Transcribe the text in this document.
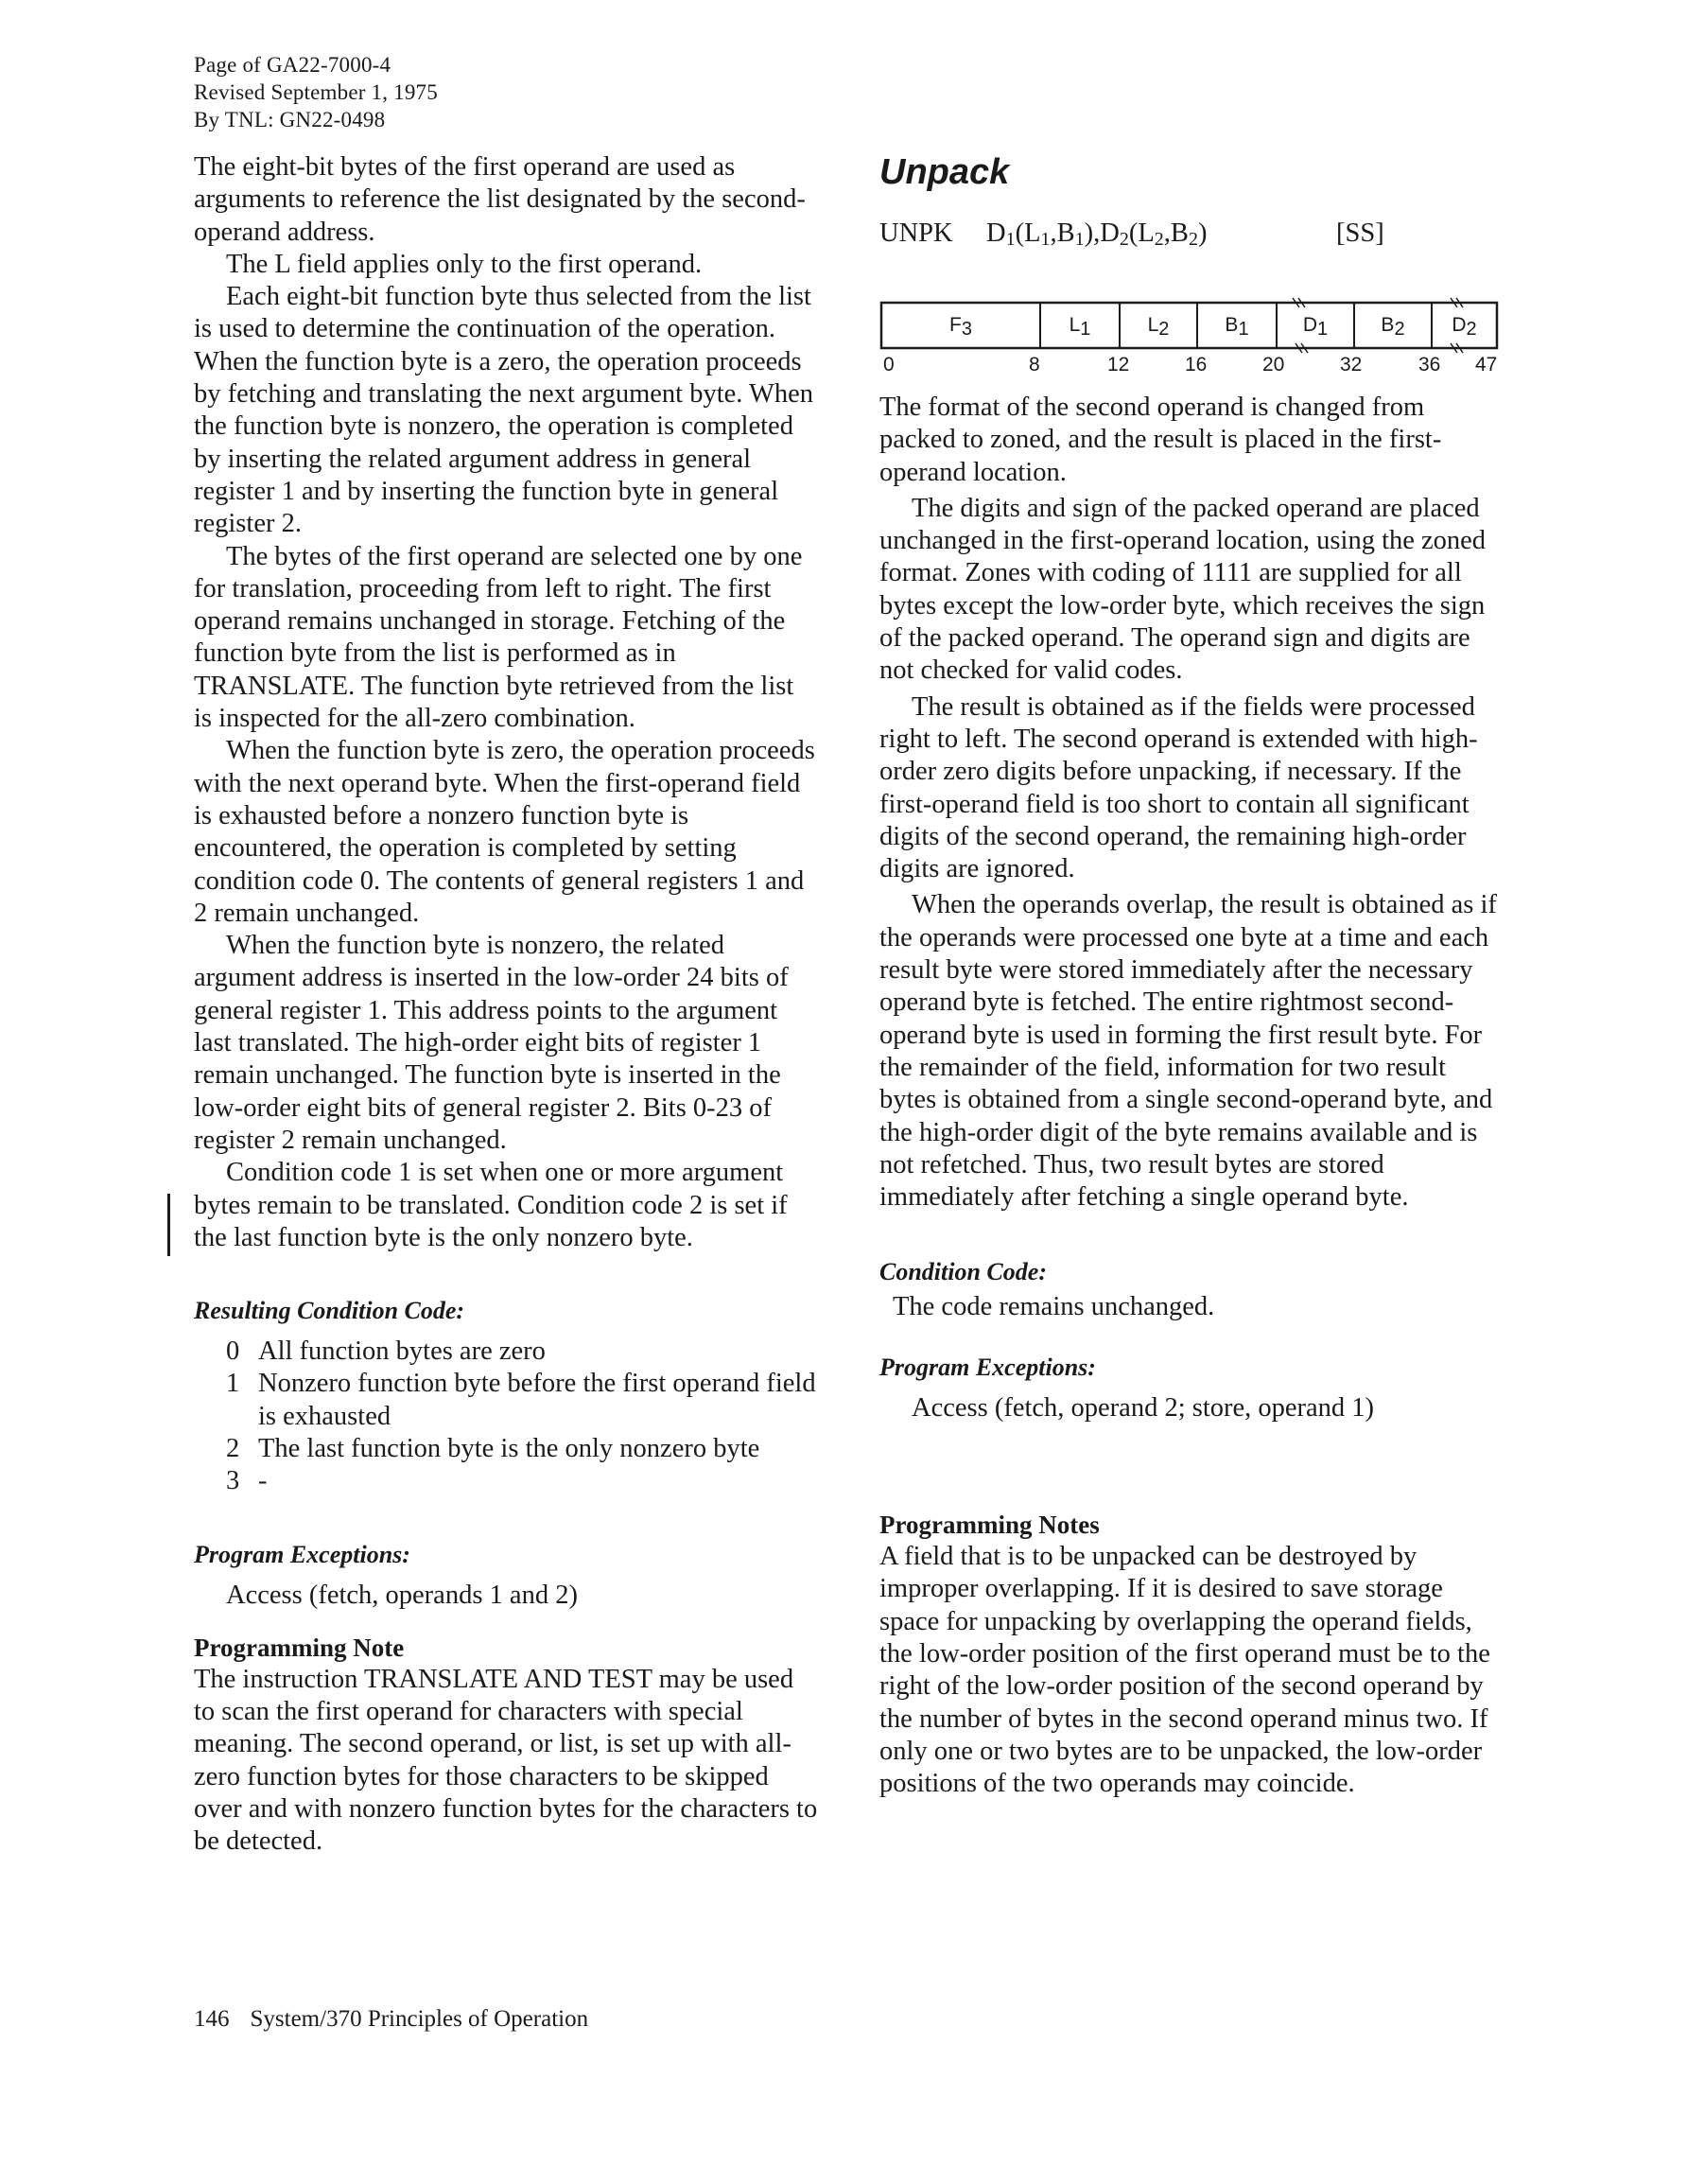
Page of GA22-7000-4
Revised September 1, 1975
By TNL: GN22-0498

The eight-bit bytes of the first operand are used as arguments to reference the list designated by the second-operand address.

The L field applies only to the first operand.

Each eight-bit function byte thus selected from the list is used to determine the continuation of the operation. When the function byte is a zero, the operation proceeds by fetching and translating the next argument byte. When the function byte is nonzero, the operation is completed by inserting the related argument address in general register 1 and by inserting the function byte in general register 2.

The bytes of the first operand are selected one by one for translation, proceeding from left to right. The first operand remains unchanged in storage. Fetching of the function byte from the list is performed as in TRANSLATE. The function byte retrieved from the list is inspected for the all-zero combination.

When the function byte is zero, the operation proceeds with the next operand byte. When the first-operand field is exhausted before a nonzero function byte is encountered, the operation is completed by setting condition code 0. The contents of general registers 1 and 2 remain unchanged.

When the function byte is nonzero, the related argument address is inserted in the low-order 24 bits of general register 1. This address points to the argument last translated. The high-order eight bits of register 1 remain unchanged. The function byte is inserted in the low-order eight bits of general register 2. Bits 0-23 of register 2 remain unchanged.

Condition code 1 is set when one or more argument bytes remain to be translated. Condition code 2 is set if the last function byte is the only nonzero byte.

Resulting Condition Code:
0 All function bytes are zero
1 Nonzero function byte before the first operand field is exhausted
2 The last function byte is the only nonzero byte
3 -
Program Exceptions:

Access (fetch, operands 1 and 2)

Programming Note

The instruction TRANSLATE AND TEST may be used to scan the first operand for characters with special meaning. The second operand, or list, is set up with all-zero function bytes for those characters to be skipped over and with nonzero function bytes for the characters to be detected.

Unpack
UNPK	$D_1(L_1,B_1),D_2(L_2,B_2)$	[SS]
F3	L1	L2	B1	D1	B2	D2
0	8	12	16	20	32	36 47

The format of the second operand is changed from packed to zoned, and the result is placed in the first-operand location.

The digits and sign of the packed operand are placed unchanged in the first-operand location, using the zoned format. Zones with coding of 1111 are supplied for all bytes except the low-order byte, which receives the sign of the packed operand. The operand sign and digits are not checked for valid codes.

The result is obtained as if the fields were processed right to left. The second operand is extended with high-order zero digits before unpacking, if necessary. If the first-operand field is too short to contain all significant digits of the second operand, the remaining high-order digits are ignored.

When the operands overlap, the result is obtained as if the operands were processed one byte at a time and each result byte were stored immediately after the necessary operand byte is fetched. The entire rightmost second-operand byte is used in forming the first result byte. For the remainder of the field, information for two result bytes is obtained from a single second-operand byte, and the high-order digit of the byte remains available and is not refetched. Thus, two result bytes are stored immediately after fetching a single operand byte.

Condition Code:

The code remains unchanged.

Program Exceptions:

Access (fetch, operand 2; store, operand 1)

Programming Notes

A field that is to be unpacked can be destroyed by improper overlapping. If it is desired to save storage space for unpacking by overlapping the operand fields, the low-order position of the first operand must be to the right of the low-order position of the second operand by the number of bytes in the second operand minus two. If only one or two bytes are to be unpacked, the low-order positions of the two operands may coincide.

146 System/370 Principles of Operation
